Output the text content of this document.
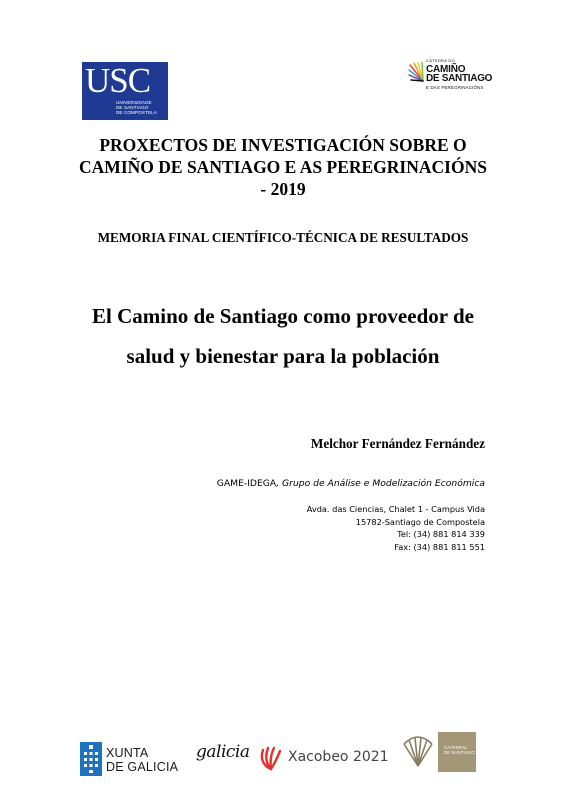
USC
UNIVERSIDADE
DE SANTIAGO
DE COMPOSTELA
CÁTEDRA DO
CAMIÑO
DE SANTIAGO
E DAS PEREGRINACIÓNS
PROXECTOS DE INVESTIGACIÓN SOBRE O
CAMIÑO DE SANTIAGO E AS PEREGRINACIÓNS
- 2019
MEMORIA FINAL CIENTÍFICO-TÉCNICA DE RESULTADOS
El Camino de Santiago como proveedor de
salud y bienestar para la población
Melchor Fernández Fernández
GAME-IDEGA, Grupo de Análise e Modelización Económica
Avda. das Ciencias, Chalet 1 - Campus Vida
15782-Santiago de Compostela
Tel: (34) 881 814 339
Fax: (34) 881 811 551
XUNTA
DE GALICIA
galicia	Xacobeo 2021
CATEDRAL
DE SANTIAGO
